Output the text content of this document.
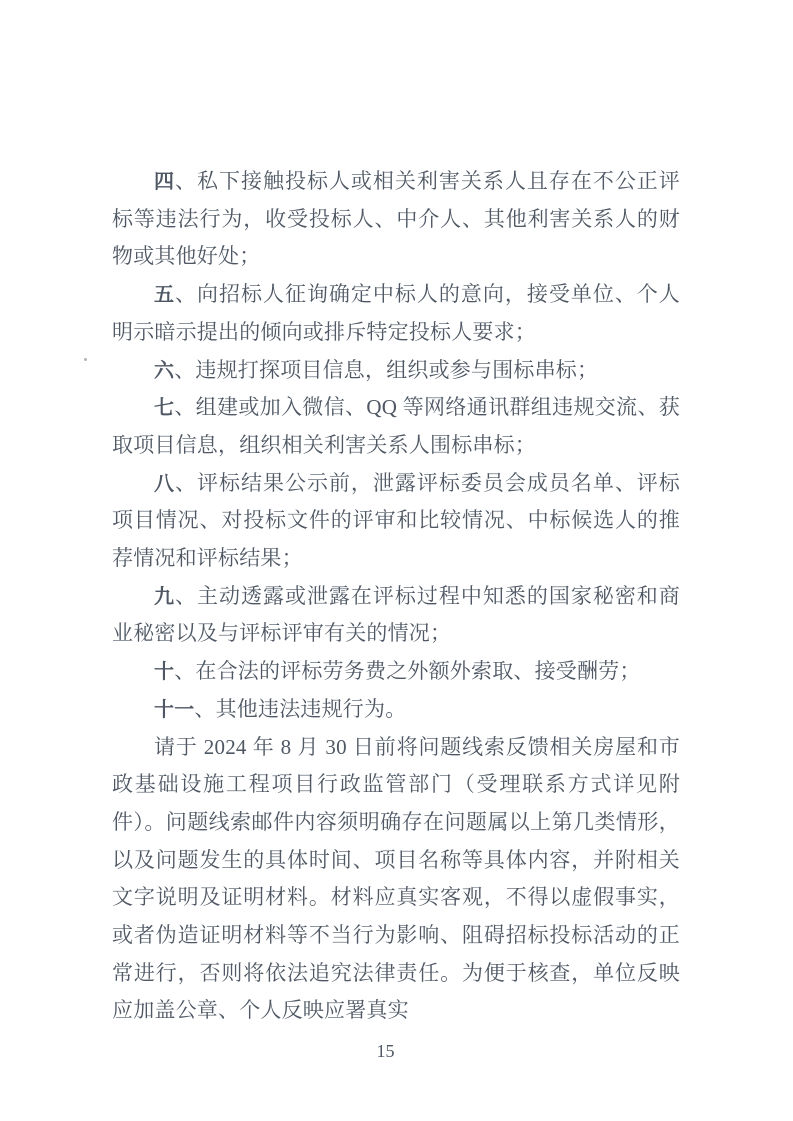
四、私下接触投标人或相关利害关系人且存在不公正评标等违法行为，收受投标人、中介人、其他利害关系人的财物或其他好处；

五、向招标人征询确定中标人的意向，接受单位、个人明示暗示提出的倾向或排斥特定投标人要求；

六、违规打探项目信息，组织或参与围标串标；

七、组建或加入微信、QQ 等网络通讯群组违规交流、获取项目信息，组织相关利害关系人围标串标；

八、评标结果公示前，泄露评标委员会成员名单、评标项目情况、对投标文件的评审和比较情况、中标候选人的推荐情况和评标结果；

九、主动透露或泄露在评标过程中知悉的国家秘密和商业秘密以及与评标评审有关的情况；

十、在合法的评标劳务费之外额外索取、接受酬劳；

十一、其他违法违规行为。

请于 2024 年 8 月 30 日前将问题线索反馈相关房屋和市政基础设施工程项目行政监管部门（受理联系方式详见附件）。问题线索邮件内容须明确存在问题属以上第几类情形，以及问题发生的具体时间、项目名称等具体内容，并附相关文字说明及证明材料。材料应真实客观，不得以虚假事实，或者伪造证明材料等不当行为影响、阻碍招标投标活动的正常进行，否则将依法追究法律责任。为便于核查，单位反映应加盖公章、个人反映应署真实

15
